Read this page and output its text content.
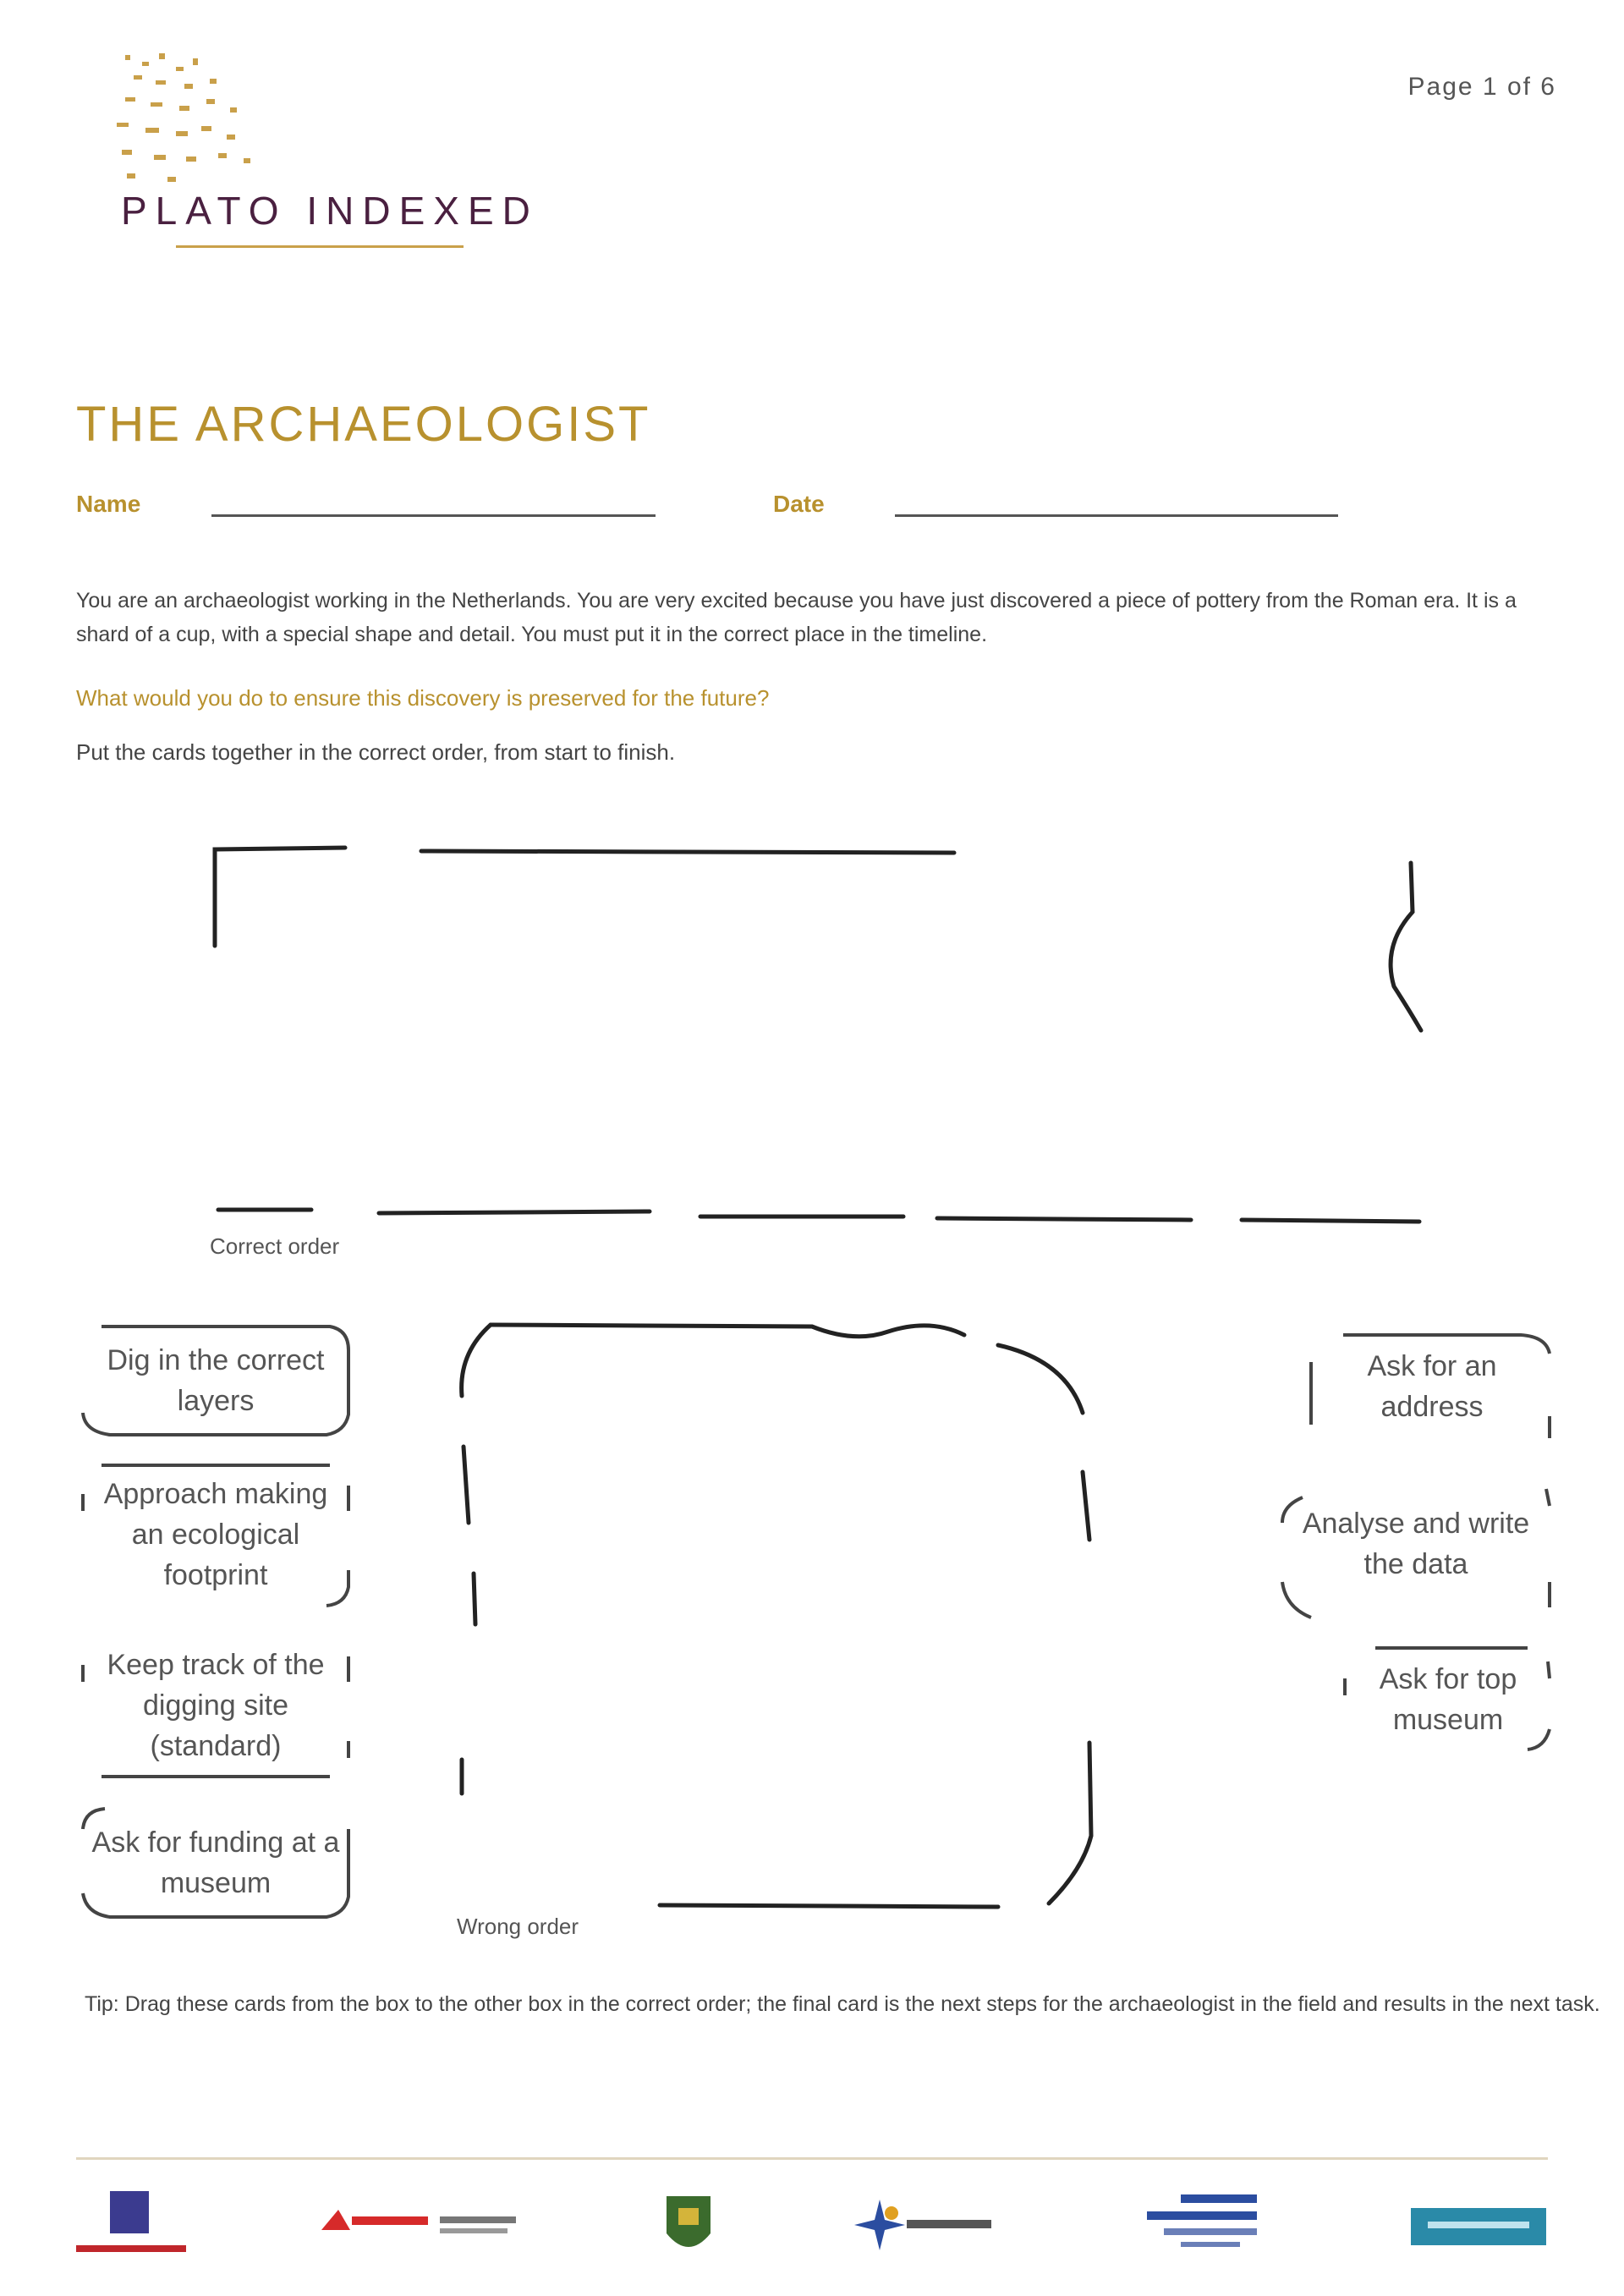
PLATO INDEXED
Page 1 of 6
THE ARCHAEOLOGIST
Name	Date
You are an archaeologist working in the Netherlands. You are very excited because you have just discovered a piece of pottery from the Roman era. It is a shard of a cup, with a special shape and detail. You must put it in the correct place in the timeline.
What would you do to ensure this discovery is preserved for the future?
Put the cards together in the correct order, from start to finish.
Correct order
Wrong order
Dig in the correct layers
Approach making an ecological footprint
Keep track of the digging site (standard)
Ask for funding at a museum
Ask for an address
Analyse and write the data
Ask for top museum
Tip: Drag these cards from the box to the other box in the correct order; the final card is the next steps for the archaeologist in the field and results in the next task.
